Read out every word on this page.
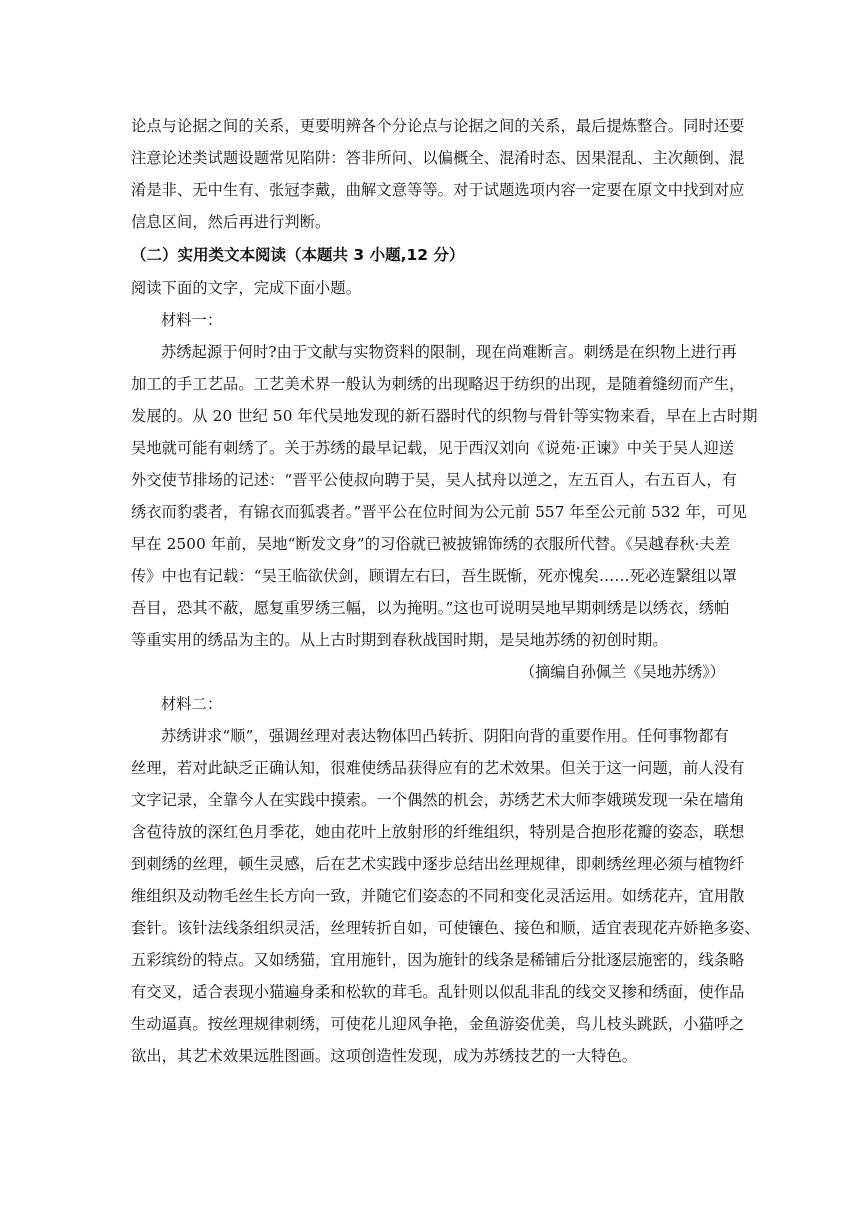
论点与论据之间的关系，更要明辨各个分论点与论据之间的关系，最后提炼整合。同时还要

注意论述类试题设题常见陷阱：答非所问、以偏概全、混淆时态、因果混乱、主次颠倒、混

淆是非、无中生有、张冠李戴，曲解文意等等。对于试题选项内容一定要在原文中找到对应

信息区间，然后再进行判断。

（二）实用类文本阅读（本题共 3 小题,12 分）

阅读下面的文字，完成下面小题。

材料一：

苏绣起源于何时?由于文献与实物资料的限制，现在尚难断言。刺绣是在织物上进行再

加工的手工艺品。工艺美术界一般认为刺绣的出现略迟于纺织的出现，是随着缝纫而产生，

发展的。从 20 世纪 50 年代吴地发现的新石器时代的织物与骨针等实物来看，早在上古时期

吴地就可能有刺绣了。关于苏绣的最早记载，见于西汉刘向《说苑·正谏》中关于吴人迎送

外交使节排场的记述：“晋平公使叔向聘于吴，吴人拭舟以逆之，左五百人，右五百人，有

绣衣而豹裘者，有锦衣而狐裘者。”晋平公在位时间为公元前 557 年至公元前 532 年，可见

早在 2500 年前，吴地“断发文身”的习俗就已被披锦饰绣的衣服所代替。《吴越春秋·夫差

传》中也有记载：“吴王临欲伏剑，顾谓左右曰，吾生既惭，死亦愧矣……死必连繄组以罩

吾目，恐其不蔽，愿复重罗绣三幅，以为掩明。”这也可说明吴地早期刺绣是以绣衣，绣帕

等重实用的绣品为主的。从上古时期到春秋战国时期，是吴地苏绣的初创时期。

（摘编自孙佩兰《吴地苏绣》）

材料二：

苏绣讲求“顺”，强调丝理对表达物体凹凸转折、阴阳向背的重要作用。任何事物都有

丝理，若对此缺乏正确认知，很难使绣品获得应有的艺术效果。但关于这一问题，前人没有

文字记录，全靠今人在实践中摸索。一个偶然的机会，苏绣艺术大师李娥瑛发现一朵在墙角

含苞待放的深红色月季花，她由花叶上放射形的纤维组织，特别是合抱形花瓣的姿态，联想

到刺绣的丝理，顿生灵感，后在艺术实践中逐步总结出丝理规律，即刺绣丝理必须与植物纤

维组织及动物毛丝生长方向一致，并随它们姿态的不同和变化灵活运用。如绣花卉，宜用散

套针。该针法线条组织灵活，丝理转折自如，可使镶色、接色和顺，适宜表现花卉娇艳多姿、

五彩缤纷的特点。又如绣猫，宜用施针，因为施针的线条是稀铺后分批逐层施密的，线条略

有交叉，适合表现小猫遍身柔和松软的茸毛。乱针则以似乱非乱的线交叉掺和绣面，使作品

生动逼真。按丝理规律刺绣，可使花儿迎风争艳，金鱼游姿优美，鸟儿枝头跳跃，小猫呼之

欲出，其艺术效果远胜图画。这项创造性发现，成为苏绣技艺的一大特色。
